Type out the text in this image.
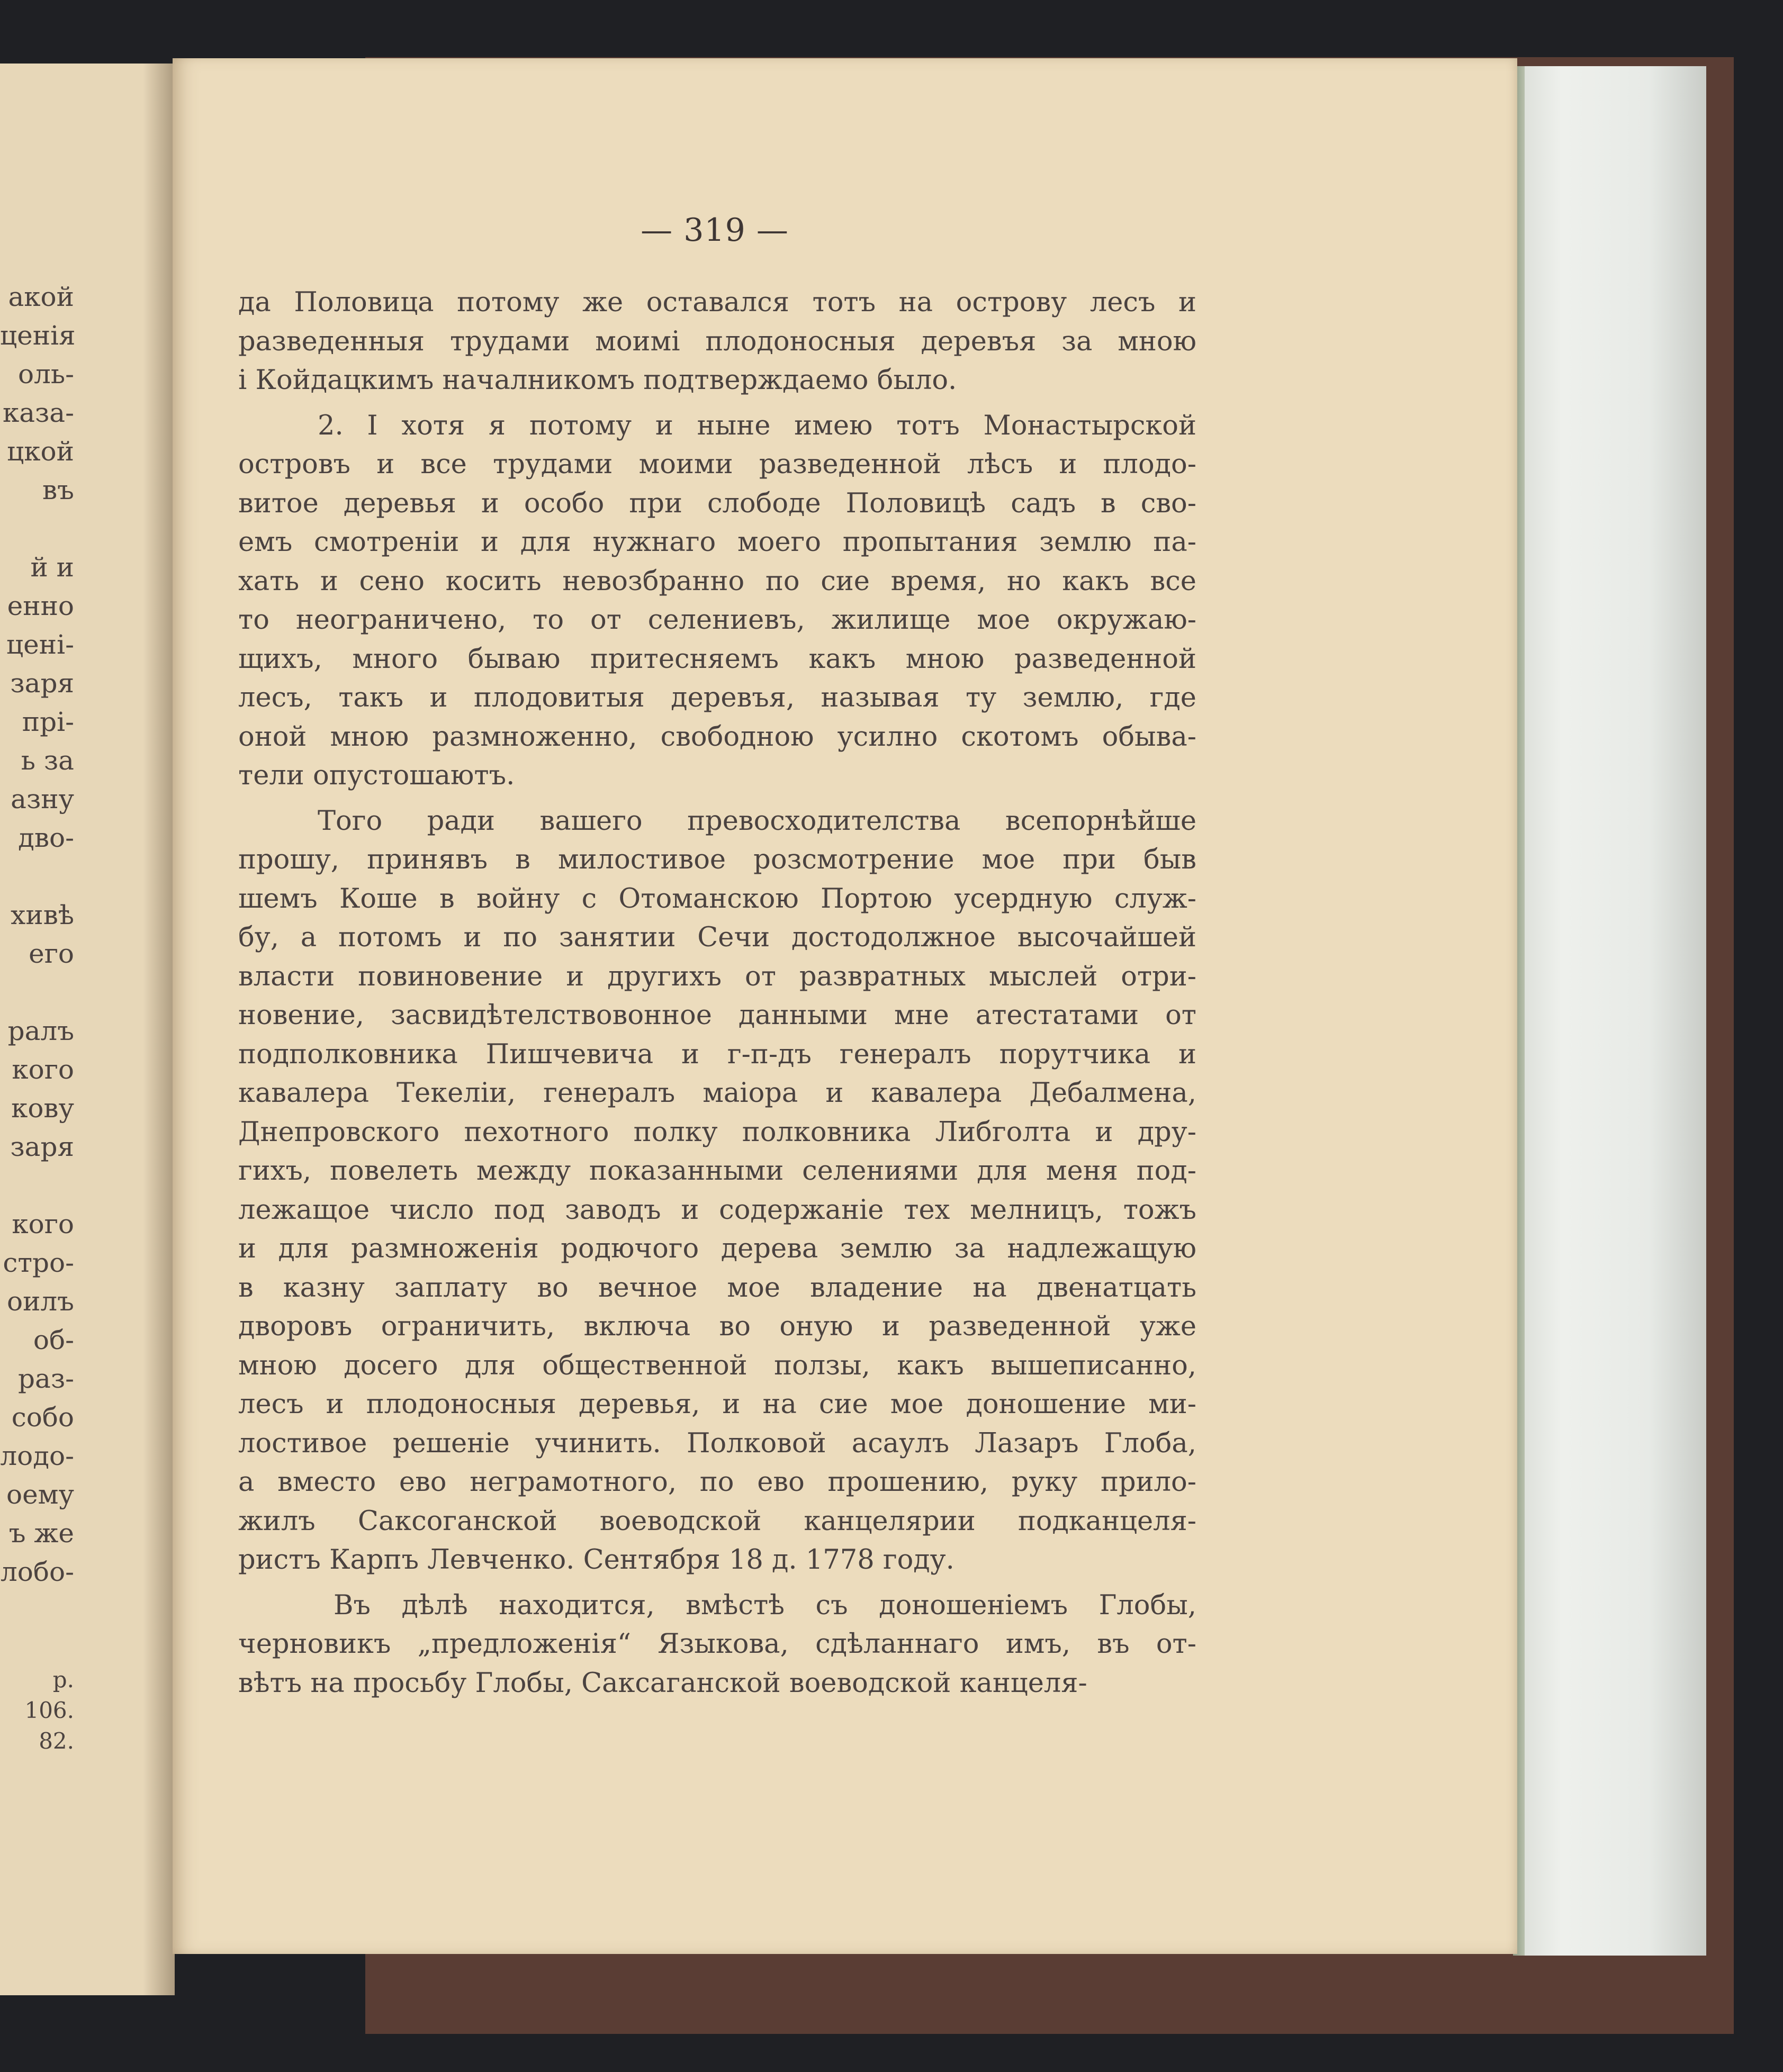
акой
ценія
оль-
каза-
цкой
въ
й и
енно
цені-
заря
прі-
ь за
азну
дво-
хивѣ
его
ралъ
кого
кову
заря
кого
стро-
оилъ
об-
раз-
собо
лодо-
оему
ъ же
лобо-
р. 106.
82.
— 319 —
да Половица потому же оставался тотъ на острову лесъ и
разведенныя трудами моимі плодоносныя деревъя за мною
і Койдацкимъ началникомъ подтверждаемо было.
2. І хотя я потому и ныне имею тотъ Монастырской
островъ и все трудами моими разведенной лѣсъ и плодо-
витое деревья и особо при слободе Половицѣ садъ в сво-
емъ смотреніи и для нужнаго моего пропытания землю па-
хать и сено косить невозбранно по сие время, но какъ все
то неограничено, то от селениевъ, жилище мое окружаю-
щихъ, много бываю притесняемъ какъ мною разведенной
лесъ, такъ и плодовитыя деревъя, называя ту землю, где
оной мною размноженно, свободною усилно скотомъ обыва-
тели опустошаютъ.
Того ради вашего превосходителства всепорнѣйше
прошу, принявъ в милостивое розсмотрение мое при быв
шемъ Коше в войну с Отоманскою Портою усердную служ-
бу, а потомъ и по занятии Сечи достодолжное высочайшей
власти повиновение и другихъ от развратных мыслей отри-
новение, засвидѣтелствовонное данными мне атестатами от
подполковника Пишчевича и г-п-дъ генералъ порутчика и
кавалера Текеліи, генералъ маіора и кавалера Дебалмена,
Днепровского пехотного полку полковника Либголта и дру-
гихъ, повелеть между показанными селениями для меня под-
лежащое число под заводъ и содержаніе тех мелницъ, тожъ
и для размноженія родючого дерева землю за надлежащую
в казну заплату во вечное мое владение на двенатцать
дворовъ ограничить, включа во оную и разведенной уже
мною досего для общественной ползы, какъ вышеписанно,
лесъ и плодоносныя деревья, и на сие мое доношение ми-
лостивое решеніе учинить. Полковой асаулъ Лазаръ Глоба,
а вместо ево неграмотного, по ево прошению, руку прило-
жилъ Саксоганской воеводской канцелярии подканцеля-
ристъ Карпъ Левченко. Сентября 18 д. 1778 году.
Въ дѣлѣ находится, вмѣстѣ съ доношеніемъ Глобы,
черновикъ „предложенія“ Языкова, сдѣланнаго имъ, въ от-
вѣтъ на просьбу Глобы, Саксаганской воеводской канцеля-
